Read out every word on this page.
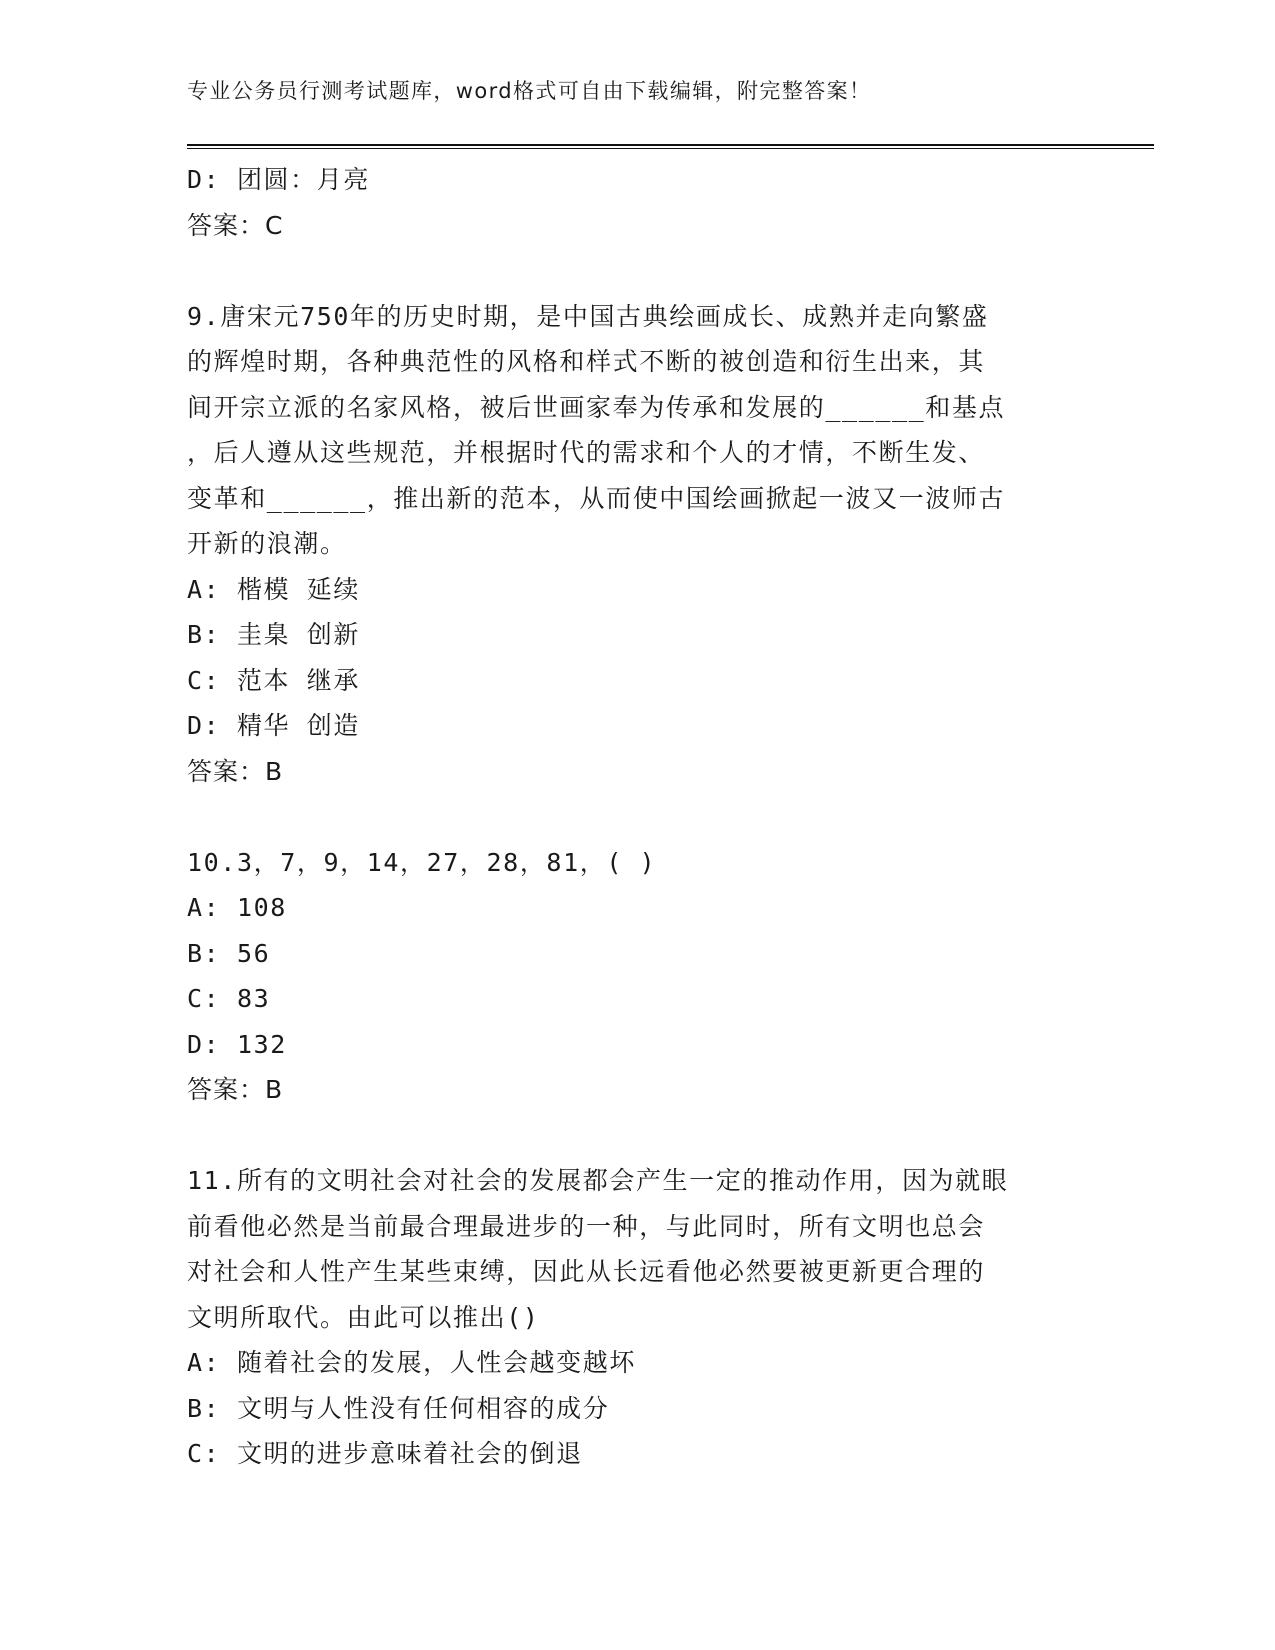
专业公务员行测考试题库，word格式可自由下载编辑，附完整答案！
D: 团圆：月亮
答案：C
9.唐宋元750年的历史时期，是中国古典绘画成长、成熟并走向繁盛
的辉煌时期，各种典范性的风格和样式不断的被创造和衍生出来，其
间开宗立派的名家风格，被后世画家奉为传承和发展的______和基点
，后人遵从这些规范，并根据时代的需求和个人的才情，不断生发、
变革和______，推出新的范本，从而使中国绘画掀起一波又一波师古
开新的浪潮。
A: 楷模 延续
B: 圭臬 创新
C: 范本 继承
D: 精华 创造
答案：B
10.3，7，9，14，27，28，81，( )
A: 108
B: 56
C: 83
D: 132
答案：B
11.所有的文明社会对社会的发展都会产生一定的推动作用，因为就眼
前看他必然是当前最合理最进步的一种，与此同时，所有文明也总会
对社会和人性产生某些束缚，因此从长远看他必然要被更新更合理的
文明所取代。由此可以推出()
A: 随着社会的发展，人性会越变越坏
B: 文明与人性没有任何相容的成分
C: 文明的进步意味着社会的倒退
